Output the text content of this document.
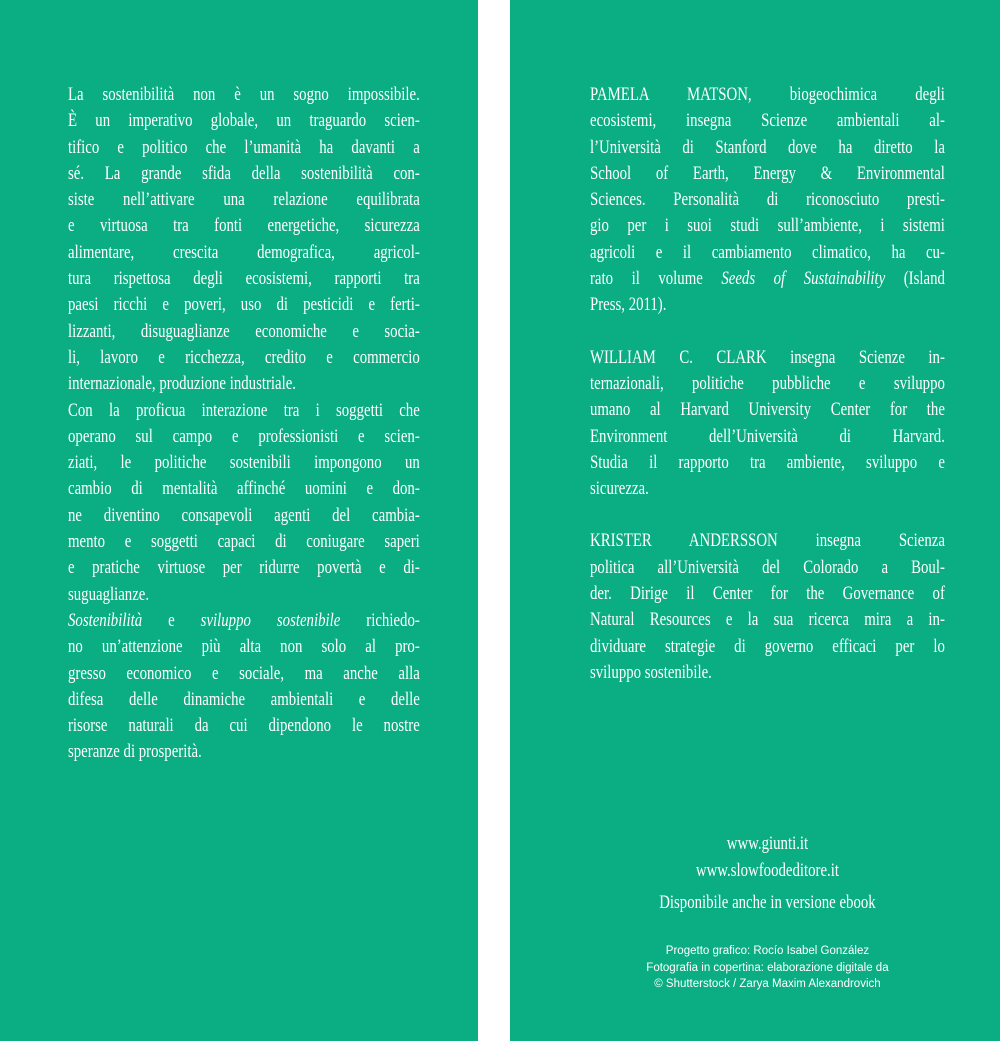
La sostenibilità non è un sogno impossibile.
È un imperativo globale, un traguardo scien-
tifico e politico che l’umanità ha davanti a
sé. La grande sfida della sostenibilità con-
siste nell’attivare una relazione equilibrata
e virtuosa tra fonti energetiche, sicurezza
alimentare, crescita demografica, agricol-
tura rispettosa degli ecosistemi, rapporti tra
paesi ricchi e poveri, uso di pesticidi e ferti-
lizzanti, disuguaglianze economiche e socia-
li, lavoro e ricchezza, credito e commercio
internazionale, produzione industriale.
Con la proficua interazione tra i soggetti che
operano sul campo e professionisti e scien-
ziati, le politiche sostenibili impongono un
cambio di mentalità affinché uomini e don-
ne diventino consapevoli agenti del cambia-
mento e soggetti capaci di coniugare saperi
e pratiche virtuose per ridurre povertà e di-
suguaglianze.
Sostenibilità e sviluppo sostenibile richiedo-
no un’attenzione più alta non solo al pro-
gresso economico e sociale, ma anche alla
difesa delle dinamiche ambientali e delle
risorse naturali da cui dipendono le nostre
speranze di prosperità.
PAMELA MATSON, biogeochimica degli
ecosistemi, insegna Scienze ambientali al-
l’Università di Stanford dove ha diretto la
School of Earth, Energy & Environmental
Sciences. Personalità di riconosciuto presti-
gio per i suoi studi sull’ambiente, i sistemi
agricoli e il cambiamento climatico, ha cu-
rato il volume Seeds of Sustainability (Island
Press, 2011).
WILLIAM C. CLARK insegna Scienze in-
ternazionali, politiche pubbliche e sviluppo
umano al Harvard University Center for the
Environment dell’Università di Harvard.
Studia il rapporto tra ambiente, sviluppo e
sicurezza.
KRISTER ANDERSSON insegna Scienza
politica all’Università del Colorado a Boul-
der. Dirige il Center for the Governance of
Natural Resources e la sua ricerca mira a in-
dividuare strategie di governo efficaci per lo
sviluppo sostenibile.
www.giunti.it
www.slowfoodeditore.it
Disponibile anche in versione ebook
Progetto grafico: Rocío Isabel González
Fotografia in copertina: elaborazione digitale da
© Shutterstock / Zarya Maxim Alexandrovich
